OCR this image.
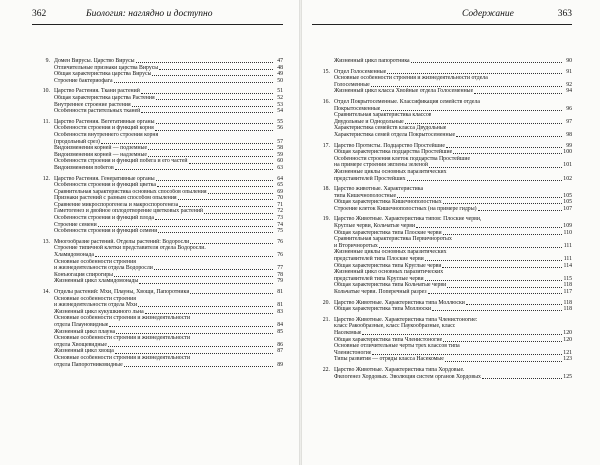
362	Биология: наглядно и доступно
9. Домен Вирусы. Царство Вирусы	47
Отличительные признаки царства Вирусы	48
Общая характеристика царства Вирусы	49
Строение бактериофага	50
10. Царство Растения. Ткани растений	51
Общая характеристика царства Растения	52
Внутреннее строение растения	53
Особенности растительных тканей	54
11. Царство Растения. Вегетативные органы	55
Особенности строения и функций корня	56
Особенности внутреннего строения корня
(продольный срез)	57
Видоизменения корней — подземные	58
Видоизменения корней — надземные	59
Особенности строения и функций побега и его частей	60
Видоизменения побегов	63
12. Царство Растения. Генеративные органы	64
Особенности строения и функций цветка	65
Сравнительная характеристика основных способов опыления	69
Признаки растений с разным способом опыления	70
Сравнение микроспорогенеза и макроспорогенеза	71
Гаметогенез и двойное оплодотворение цветковых растений	72
Особенности строения и функций плода	73
Строение семени	74
Особенности строения и функций семени	75
13. Многообразие растений. Отделы растений: Водоросли	76
Строение типичной клетки представителя отдела Водоросли.
Хламидомонада	76
Основные особенности строения
и жизнедеятельности отдела Водоросли	77
Конъюгация спирогиры	78
Жизненный цикл хламидомонады	79
14. Отделы растений: Мхи, Плауны, Хвощи, Папоротники	81
Основные особенности строения
и жизнедеятельности отдела Мхи	81
Жизненный цикл кукушкиного льна	83
Основные особенности строения и жизнедеятельности
отдела Плауновидные	84
Жизненный цикл плауна	85
Основные особенности строения и жизнедеятельности
отдела Хвощевидные	86
Жизненный цикл хвоща	87
Основные особенности строения и жизнедеятельности
отдела Папоротниковидные	89
Содержание	363
Жизненный цикл папоротника	90
15. Отдел Голосеменные	91
Основные особенности строения и жизнедеятельности отдела
Голосеменные	92
Жизненный цикл класса Хвойные отдела Голосеменные	94
16. Отдел Покрытосеменные. Классификация семейств отдела
Покрытосеменные	96
Сравнительная характеристика классов
Двудольные и Однодольные	97
Характеристика семейств класса Двудольные
Характеристика семей отдела Покрытосеменные	98
17. Царство Протисты. Подцарство Простейшие	99
Общая характеристика подцарства Простейшие	100
Особенности строения клеток подцарства Простейшие
на примере строения эвглены зеленой	101
Жизненные циклы основных паразитических
представителей Простейших	102
18. Царство животные. Характеристика
типа Кишечнополостные	105
Общая характеристика Кишечнополостных	105
Строение клеток Кишечнополостных (на примере гидры)	107
19. Царство Животные. Характеристика типов: Плоские черви,
Круглые черви, Кольчатые черви	109
Общая характеристика типа Плоские черви	110
Сравнительная характеристика Первичноротых
и Вторичноротых	111
Жизненные циклы основных паразитических
представителей типа Плоские черви	111
Общая характеристика типа Круглые черви	114
Жизненный цикл основных паразитических
представителей типа Круглые черви	115
Общая характеристика типа Кольчатые черви	118
Кольчатые черви. Поперечный разрез	117
20. Царство Животные. Характеристика типа Моллюски	118
Общая характеристика типа Моллюски	118
21. Царство Животные. Характеристика типа Членистоногие:
класс Ракообразные, класс Паукообразные, класс
Насекомые	120
Общая характеристика типа Членистоногие	120
Основные отличительные черты трех классов типа
Членистоногие	121
Типы развития — отряды класса Насекомые	123
22. Царство Животные. Характеристика типа Хордовые.
Филогенез Хордовых. Эволюция систем органов Хордовых	125
